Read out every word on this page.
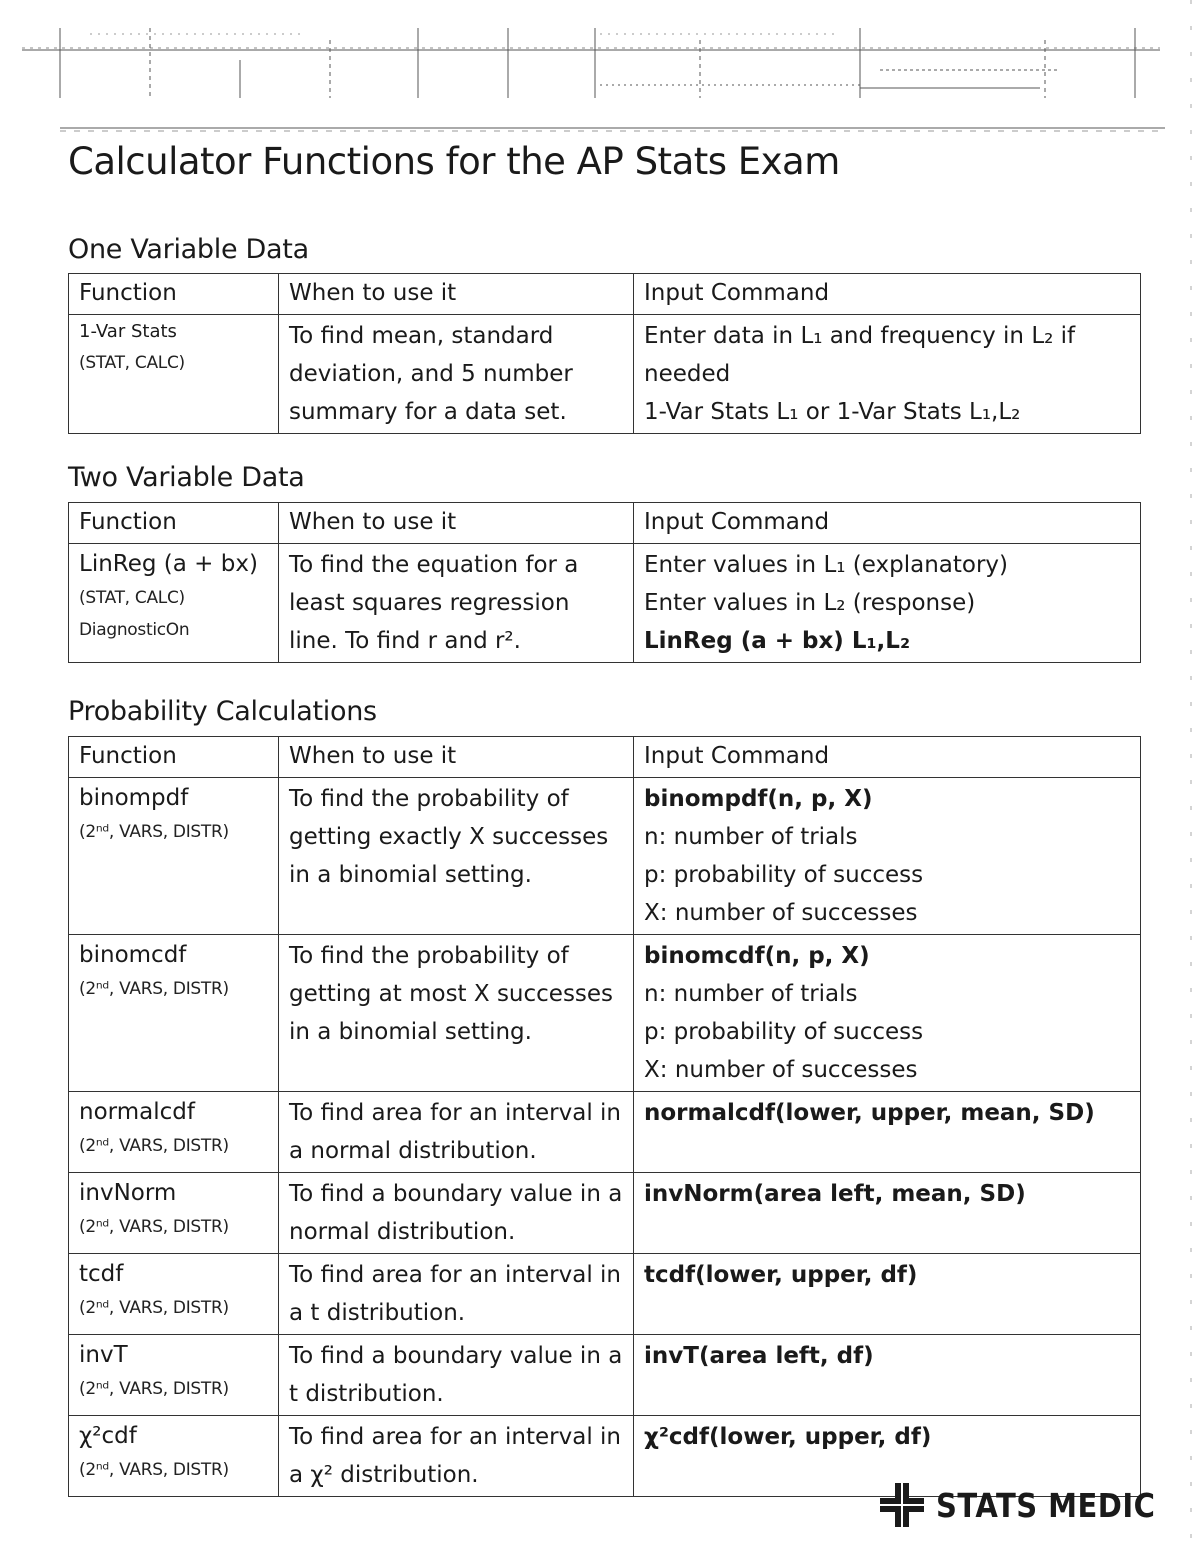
Calculator Functions for the AP Stats Exam
One Variable Data
Function	When to use it	Input Command

1-Var Stats
(STAT, CALC)	To find mean, standard deviation, and 5 number summary for a data set.	Enter data in L₁ and frequency in L₂ if
needed
1-Var Stats L₁ or 1-Var Stats L₁,L₂
Two Variable Data
Function	When to use it	Input Command

LinReg (a + bx)
(STAT, CALC)
DiagnosticOn	To find the equation for a least squares regression line. To find r and r².	Enter values in L₁ (explanatory)
Enter values in L₂ (response)
LinReg (a + bx) L₁,L₂
Probability Calculations
Function	When to use it	Input Command

binompdf
(2ⁿᵈ, VARS, DISTR)	To find the probability of getting exactly X successes in a binomial setting.	binompdf(n, p, X)
n: number of trials
p: probability of success
X: number of successes

binomcdf
(2ⁿᵈ, VARS, DISTR)	To find the probability of getting at most X successes in a binomial setting.	binomcdf(n, p, X)
n: number of trials
p: probability of success
X: number of successes

normalcdf
(2ⁿᵈ, VARS, DISTR)	To find area for an interval in a normal distribution.	normalcdf(lower, upper, mean, SD)

invNorm
(2ⁿᵈ, VARS, DISTR)	To find a boundary value in a normal distribution.	invNorm(area left, mean, SD)

tcdf
(2ⁿᵈ, VARS, DISTR)	To find area for an interval in a t distribution.	tcdf(lower, upper, df)

invT
(2ⁿᵈ, VARS, DISTR)	To find a boundary value in a t distribution.	invT(area left, df)

χ²cdf
(2ⁿᵈ, VARS, DISTR)	To find area for an interval in a χ² distribution.	χ²cdf(lower, upper, df)
STATS MEDIC
